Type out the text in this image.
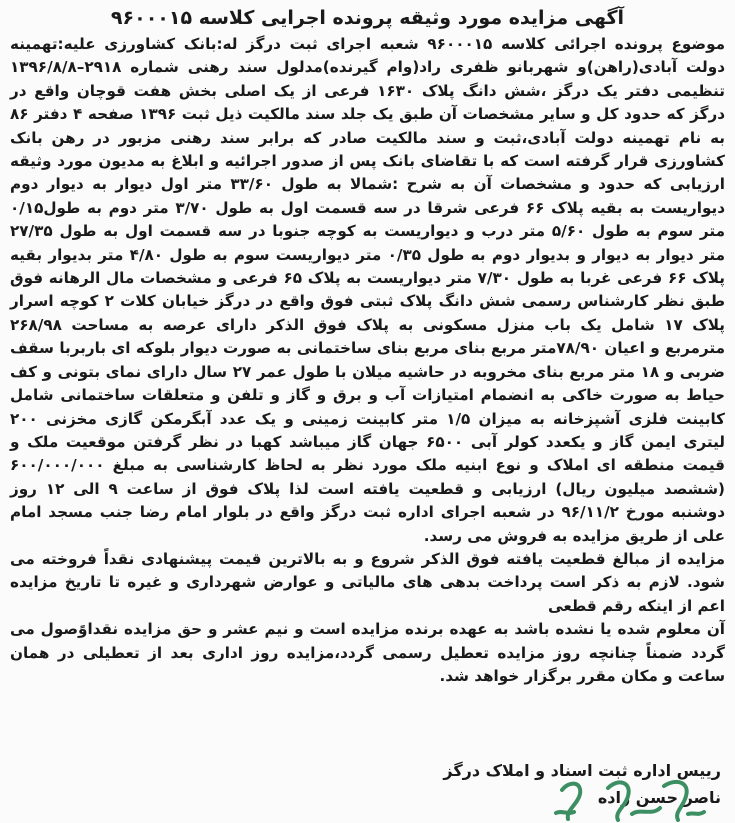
آگهی مزایده مورد وثیقه پرونده اجرایی کلاسه ۹۶۰۰۰۱۵

موضوع پرونده اجرائی کلاسه ۹۶۰۰۰۱۵ شعبه اجرای ثبت درگز له:بانک کشاورزی علیه:تهمینه دولت آبادی(راهن)و شهربانو ظفری راد(وام گیرنده)مدلول سند رهنی شماره ۲۹۱۸–۱۳۹۶/۸/۸ تنظیمی دفتر یک درگز ،شش دانگ پلاک ۱۶۳۰ فرعی از یک اصلی بخش هفت قوچان واقع در درگز که حدود کل و سایر مشخصات آن طبق یک جلد سند مالکیت ذیل ثبت ۱۳۹۶ صفحه ۴ دفتر ۸۶ به نام تهمینه دولت آبادی،ثبت و سند مالکیت صادر که برابر سند رهنی مزبور در رهن بانک کشاورزی قرار گرفته است که با تقاضای بانک پس از صدور اجرائیه و ابلاغ به مدیون مورد وثیقه ارزیابی که حدود و مشخصات آن به شرح :شمالا به طول ۳۳/۶۰ متر اول دیوار به دیوار دوم دیواریست به بقیه پلاک ۶۶ فرعی شرقا در سه قسمت اول به طول ۳/۷۰ متر دوم به طول۰/۱۵ متر سوم به طول ۵/۶۰ متر درب و دیواریست به کوچه جنوبا در سه قسمت اول به طول ۲۷/۳۵ متر دیوار به دیوار و بدیوار دوم به طول ۰/۳۵ متر دیواریست سوم به طول ۴/۸۰ متر بدیوار بقیه پلاک ۶۶ فرعی غربا به طول ۷/۳۰ متر دیواریست به پلاک ۶۵ فرعی و مشخصات مال الرهانه فوق طبق نظر کارشناس رسمی شش دانگ پلاک ثبتی فوق واقع در درگز خیابان کلات ۲ کوچه اسرار پلاک ۱۷ شامل یک باب منزل مسکونی به پلاک فوق الذکر دارای عرصه به مساحت ۲۶۸/۹۸ مترمربع و اعیان ۷۸/۹۰متر مربع بنای مربع بنای ساختمانی به صورت دیوار بلوکه ای باربربا سقف ضربی و ۱۸ متر مربع بنای مخروبه در حاشیه میلان با طول عمر ۲۷ سال دارای نمای بتونی و کف حیاط به صورت خاکی به انضمام امتیازات آب و برق و گاز و تلفن و متعلقات ساختمانی شامل کابینت فلزی آشپزخانه به میزان ۱/۵ متر کابینت زمینی و یک عدد آبگرمکن گازی مخزنی ۲۰۰ لیتری ایمن گاز و یکعدد کولر آبی ۶۵۰۰ جهان گاز میباشد کهبا در نظر گرفتن موقعیت ملک و قیمت منطقه ای املاک و نوع ابنیه ملک مورد نظر به لحاظ کارشناسی به مبلغ ۶۰۰/۰۰۰/۰۰۰ (ششصد میلیون ریال) ارزیابی و قطعیت یافته است لذا پلاک فوق از ساعت ۹ الی ۱۲ روز دوشنبه مورخ ۹۶/۱۱/۲ در شعبه اجرای اداره ثبت درگز واقع در بلوار امام رضا جنب مسجد امام علی از طریق مزایده به فروش می رسد.

مزایده از مبالغ قطعیت یافته فوق الذکر شروع و به بالاترین قیمت پیشنهادی نقداً فروخته می شود. لازم به ذکر است پرداخت بدهی های مالیاتی و عوارض شهرداری و غیره تا تاریخ مزایده اعم از اینکه رقم قطعی

آن معلوم شده یا نشده باشد به عهده برنده مزایده است و نیم عشر و حق مزایده نقداوًصول می گردد ضمناً چنانچه روز مزایده تعطیل رسمی گردد،مزایده روز اداری بعد از تعطیلی در همان ساعت و مکان مقرر برگزار خواهد شد.

رییس اداره ثبت اسناد و املاک درگز
ناصر حسن زاده
